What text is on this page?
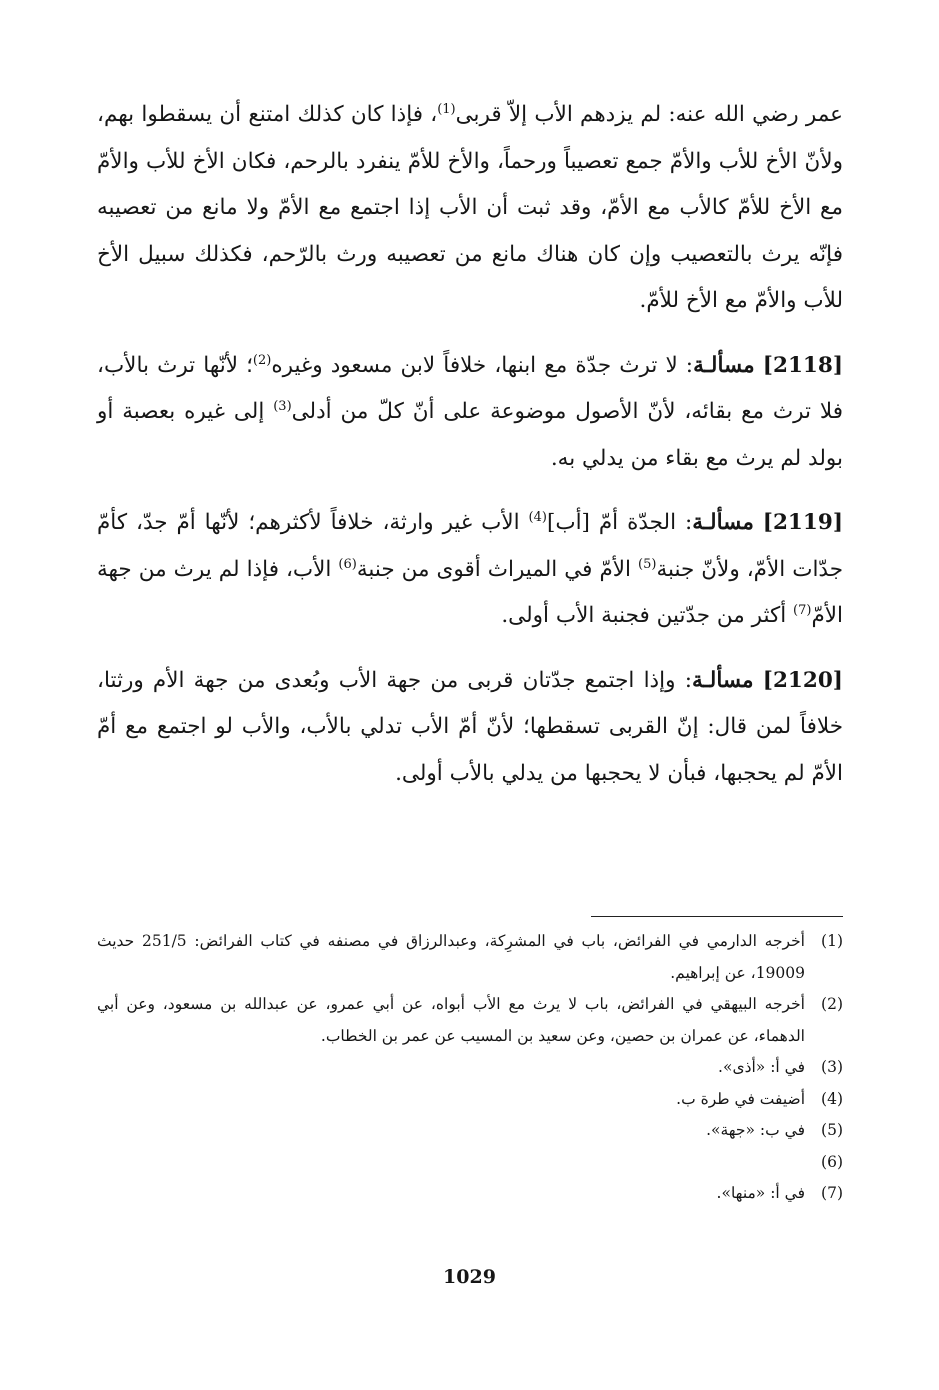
عمر رضي الله عنه: لم يزدهم الأب إلاّ قربى$^{(1)}$، فإذا كان كذلك امتنع أن يسقطوا بهم، ولأنّ الأخ للأب والأمّ جمع تعصيباً ورحماً، والأخ للأمّ ينفرد بالرحم، فكان الأخ للأب والأمّ مع الأخ للأمّ كالأب مع الأمّ، وقد ثبت أن الأب إذا اجتمع مع الأمّ ولا مانع من تعصيبه فإنّه يرث بالتعصيب وإن كان هناك مانع من تعصيبه ورث بالرّحم، فكذلك سبيل الأخ للأب والأمّ مع الأخ للأمّ.

[2118] مسألـة: لا ترث جدّة مع ابنها، خلافاً لابن مسعود وغيره$^{(2)}$؛ لأنّها ترث بالأب، فلا ترث مع بقائه، لأنّ الأصول موضوعة على أنّ كلّ من أدلى$^{(3)}$ إلى غيره بعصبة أو بولد لم يرث مع بقاء من يدلي به.

[2119] مسألـة: الجدّة أمّ [أب]$^{(4)}$ الأب غير وارثة، خلافاً لأكثرهم؛ لأنّها أمّ جدّ، كأمّ جدّات الأمّ، ولأنّ جنبة$^{(5)}$ الأمّ في الميراث أقوى من جنبة$^{(6)}$ الأب، فإذا لم يرث من جهة الأمّ$^{(7)}$ أكثر من جدّتين فجنبة الأب أولى.

[2120] مسألـة: وإذا اجتمع جدّتان قربى من جهة الأب وبُعدى من جهة الأم ورثتا، خلافاً لمن قال: إنّ القربى تسقطها؛ لأنّ أمّ الأب تدلي بالأب، والأب لو اجتمع مع أمّ الأمّ لم يحجبها، فبأن لا يحجبها من يدلي بالأب أولى.

(1)
أخرجه الدارمي في الفرائض، باب في المشرِكة، وعبدالرزاق في مصنفه في كتاب الفرائض: 251/5 حديث 19009، عن إبراهيم.
(2)
أخرجه البيهقي في الفرائض، باب لا يرث مع الأب أبواه، عن أبي عمرو، عن عبدالله بن مسعود، وعن أبي الدهماء، عن عمران بن حصين، وعن سعيد بن المسيب عن عمر بن الخطاب.
(3)
في أ: «أذى».
(4)
أضيفت في طرة ب.
(5)(6)
في ب: «جهة».
(7)
في أ: «منها».
1029
